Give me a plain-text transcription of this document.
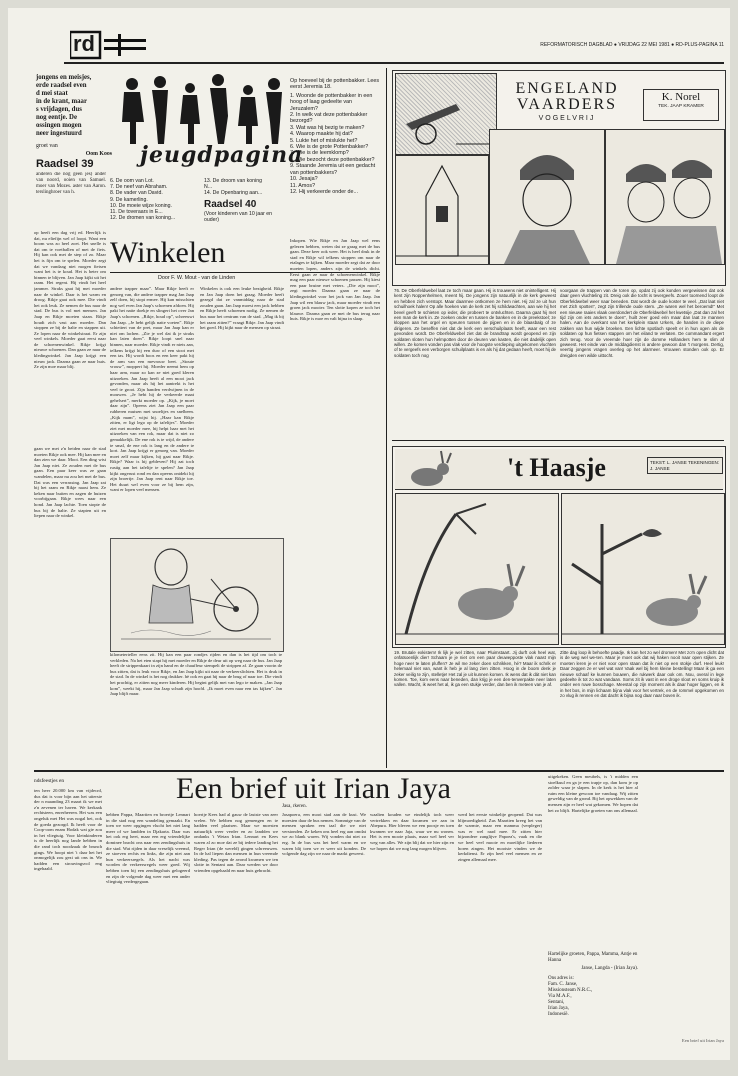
rd	REFORMATORISCH DAGBLAD ● VRIJDAG 22 MEI 1981 ● RD-PLUS-PAGINA 11
jongens en meisjes,
erde raadsel even
d mei staat
in de krant, maar
s vrijdagen, dus
nog eentje. De
ossingen mogen
neer ingestuurd
groet van
Oom Koos
Raadsel 39
anderen die nog geen jes) ander van noord, ooien van Samuel. moer van Mozes. aster van Aaron. terslinghroer van h.
jeugdpagina
6. De oom van Lot.
7. De neef van Abraham.
8. De vader van David.
9. De kamerling.
10. De moeie wijze koning.
11. De toveraars in E...
12. De dromen van koning...
13. De droom van koning
N...
14. De Openbaring aan...
Raadsel 40
(Voor kinderen van 10 jaar en ouder)
Op hoeveel bij de pottenbakker. Lees eerst Jeremia 18.
1. Woonde de pottenbakker in een hoog of laag gedeelte van Jeruzalem?
2. In welk vat deze pottenbakker bezorgd?
3. Wat was hij bezig te maken?
4. Waarop maakte hij dat?
5. Lukte het of mislukte het?
6. Wie is de grote Pottenbakker?
7. Wie is de leemklomp?
8. Wie bezocht deze pottenbakker?
9. Staande Jeremia uit een gedacht van pottenbakkers?
10. Jesaja?
11. Amos?
12. Hij verkeerde onder de...
op heeft een dag vrij ed. Heerlijk is dat, nu eliefijn wel of loopt. Want een boom was zo heel zoet. Het snelle is dat om te voetballen of met de fiets. Hij kan ook met de step of zo. Maar het is fijn om te spelen. Moeder zegt dat we vandaag niet mogen fietsen want het is te koud. Het is beter om binnen te blijven. Jan Jaap kijkt uit het raam. Het regent. Hij vindt het heel jammer. Straks gaat hij met moeder naar de winkel. Daar is het warm en droog. Rikje gaat ook mee. Die vindt het ook leuk. Ze nemen de bus naar de stad. De bus is vol met mensen. Jan Jaap en Rikje moeten staan. Rikje houdt zich vast aan moeder. Dan stoppen ze bij de halte en stappen uit. Ze lopen naar de winkelstraat. Er zijn veel winkels. Moeder gaat eerst naar de schoenenwinkel. Rikje krijgt nieuwe schoenen. Dan gaan ze naar de kledingwinkel. Jan Jaap krijgt een nieuw jack. Daarna gaan ze naar huis. Ze zijn moe maar blij.
gaan we met z'n beiden naar de stad moeten Rikje ook mee. Hij kan mee en dan zien we daar. Mooi. Een ding wist Jan Jaap niet. Ze zouden met de bus gaan. Een paar keer was ze gaan wandelen, maar nu zou het met de bus. Dat was een verrassing. Jan Jaap zat bij het raam en Rikje naast hem. Ze keken naar buiten en zagen de huizen voorbijgaan. Rikje wees naar een hond. Jan Jaap lachte. Toen stopte de bus bij de halte. Ze stapten uit en liepen naar de winkel.
Winkelen
Door F. W. Mout - van de Linden
andere trapper maar”. Maar Rikje heeft er genoeg van, die andere trapper mag Jan Jaap zelf doen, hij stopt ermee. Hij kan misschien nog wel even Jan Jaap's schoenen afdoen. Hij pakt het natte doekje en slingert het over Jan Jaap's schoenen. „Rikje, houd op”, schreeuwt Jan Jaap. „Je hebt gelijk natte voeten”. Rikje schiettert van de pret, maar Jan Jaap kan er niet om lachen. „Zie je wel dat ik je straks kan laten doen”. Rikje loopt snel naar binnen, naar moeder. Rikje vindt er niets aan, telkens krijgt hij een duw of een stoot met een tas. Hij wordt boos en een keer pakt hij de arm van een mevrouw beet. „Stoute vrouw”, moppert hij. Moeder neemt hem op haar arm, maar zo kan ze niet goed kleren uitzoeken. Jan Jaap heeft al een mooi jack gevonden, maar als hij het aantrekt is het veel te groot. Zijn handen verdwijnen in de mouwen. „Je hebt hij de verkeerde maat gehelsert”, merkt moeder op. „Kijk, je moet daar zijn”. Opeens ziet Jan Jaap een paar rubberen mutsen met snoeltjes en snelbeen. „Kijk mam”, wijst hij. „Haar kan Rikje zitten, er ligt lego op de tafeltjes”. Moeder ziet met moeder mee, hij helpt haar met het uitzoeken van een rok, maar dat is niet zo gemakkelijk. De ene rok is te wijd, de andere te smal, de ene rok is lang en de andere te kort. Jan Jaap krijgt er genoeg van. Moeder moet zelf maar kijken, hij gaat naar Rikje. Rikje? Waar is hij gebleven? Hij zat toch rustig aan het tafeltje te spelen? Jan Jaap kijkt ongerust rond en dan opeens ontdekt hij zijn broertje. Jan Jaap rent naar Rikje toe. Het duurt wel even voor ze bij hem zijn, want er lopen veel mensen.
Winkelen is ook een leuke bezigheid. Rikje en Jan Jaap doen het graag. Moeder heeft gezegd dat ze vanmiddag naar de stad zouden gaan. Jan Jaap moest een jack hebben en Rikje heeft schoenen nodig. Ze nemen de bus naar het centrum van de stad. „Mag ik bij het raam zitten?” vraagt Rikje. Jan Jaap vindt het goed. Hij kijkt naar de mensen op straat.
Inkopen. Wie Rikje en Jan Jaap wel eens gelezen hebben, weten dat ze graag met de bus gaan. Deze keer ook weer. Het is heel druk in de stad en Rikje wil telkens stoppen om naar de etalages te kijken. Maar moeder zegt dat ze door moeten lopen, anders zijn de winkels dicht. Eerst gaan ze naar de schoenenwinkel. Rikje mag een paar nieuwe schoenen passen. Hij kiest een paar bruine met veters. „Die zijn mooi”, zegt moeder. Daarna gaan ze naar de kledingwinkel voor het jack van Jan Jaap. Jan Jaap wil een blauw jack, maar moeder vindt een groen jack mooier. Ten slotte kopen ze toch het blauwe. Daarna gaan ze met de bus terug naar huis. Rikje is moe en valt bijna in slaap.
kilometerteller eens zit. Hij kan een paar rondjes rijden en dan is het tijd om toch te verkleden. Na het eten stapt hij met moeder en Rikje de deur uit op weg naar de bus. Jan Jaap heeft de strippenkaart in zijn hand en de chauffeur stempelt de strippen af. Ze gaan voorin de bus zitten, dat is leuk voor Rikje, en Jan Jaap kijkt uit naar de verkeerslichten. Het is druk in de stad. In de winkel is het nog drukker. hè ook en gaat hij naar de brug of naar toe. Die vindt het prachtig, er zitten nog meer kinderen. Hij begint gelijk met van lego te maken. „Jan Jaap kom”, weekt hij, maar Jan Jaap schudt zijn hoofd. „Ik moet even naar een tas kijken”. Jan Jaap blijft maar.
ENGELAND
VAARDERS
VOGELVRIJ
K. Norel
TEK. JAAP KRAMER
76. De Oberfeldwebel laat ze toch maar gaan. Hij is trouwens niet onintelligent. Hij kent zijn Noppenhelmen, meent hij. De jongens zijn natuurlijk in de kerk geweest en hebben zich verstopt. Maar daarmee ontkomen ze hem niet. Hij zal ze uit hun schuilhoek halen! Op alle hoeken van de kerk zet hij schildwachten, aan wie hij het bevel geeft te schieten op ieder, die probeert te ontvluchten. Daarna gaat hij met een man de kerk in. Ze zoeken onder en tussen de banken en in de preekstoel; ze kloppen aan het orgel en speuren tussen de pijpen en in de blaasbalg of ze dirigeren. Ze beseffen niet dat de kerk een verschuilplaats heeft, waar een rest gevonden wordt. De Oberfeldwebel ziet dat de brandtrap wordt geopend en zijn soldaten sloten hun helmpotten door de deuren van kasten, die niet dadelijk open willen. Ze komen vonden pas vlak voor de hoogste verdieping uitgekomen vluchten of te vergeefs een verborgen schuilplaats is en als hij dat gedaan heeft, moet hij de soldaten toch nog
voorgaan de trappen van de toren op, opdat zij ook konden vergewissen dat ook daar geen vluchteling zit. Dreig ook die tocht is tevergeefs. Zouer toornend loopt de Oberfeldwebel weer naar beneden. Dat wordt de oude koster te veel. „Dat laat niet met Zich spotten”, zegt zijn trillende oude stem. „Ze waren wel het beroemd!” Met een nieuwe raaies vlaak overdondert de Oberfeldwebel het kwetsije „Dat dan zal het tijd zijn om iets anders te doen”, huilt zeer goed erin maar dan laat ze mannen halen. Aan de overkant van het kerkplein staan Urkers, de handen in de diepe zakken van hun wijde broeken. Een lichte spotlach speelt er in hun ogen als de soldaten op hun fietsen stappen om het eiland te verlaten. De commandant ergert zich terug. Voor de vreemde hoer zijn de domme Hollanders hem te slim af geweest. Het einde van de middagdienst is andere gewoon dan 't morgens. Dertig, veertig jongens vragen overleg op het alarmeer. Vrouwen stonden ook op. Er dreigden een wilde uittocht.
't Haasje	TEKST: L. JANSE TEKENINGEN: J. JANSE
19. Brutale exkistem! Ik lijk je wel zitten, naar Pluimstaart. Jij durft ook heel wat, onfatsoenlijk dier! Schaam je je niet om een paar deuwepposte vlak naast mijn hoge neer te laten pluffen? Je wil me zeker doen schrikken, hé? Maar ik schrik er helemaal niet van, want ik heb je al lang zien zitten. Hoog in de boom denk je zeker veilig te zijn, stelletje! Het zal je uit kunnen komen. Ik wens dat ik dát niet kan komen. Toe, kom eens naar beneden, dan krijg je een den-tenverpakte neer laten vallen. Wacht, ik weet het al, ik ga een stukje verder, dan ben ik meteen van je af.
Zitte dag loop ik behoefte paadje. Ik kan het zo wel dromen! Met zo'n open dicht dat is de weg wel we-ten. Maar je moet ook dat wij haken nooit naar open stijken. Ze moeten leren je er niet voor open staan dat ik niet op een stokje durf. Heel leuk! Daar zeggen ze er wel wat van! Vaak wel bij hem kleine bestelling! Maar ik ga een nieuwe schaaf ke kunnen bouwen, die rukwerk daar ook om. Nou, overal in lege gedeelte ik tot zo wat vandaan. Soms zit ik vast in een droge sloot en soms kruip ik onder een ruwe bosschage. Meestal op zijn moment als ik daar hoger liggen, en ik in het bos, in mijn lichaam bijna vlak voor het vertrek, en de rommel opgekomen en zo vlug ik rennen en dat dacht ik bijna nog daar naar boven ik.
ndsfeestjes en	Een brief uit Irian Jaya
ten heer 20.000 km van vijdecrd, dus dat is voor bijn aan het uiterste der n maanding 23 maart ik we met z'n zevenen ter haven. We kerkaak rechtsteen, enrerheeren. Het was een ongeluk met Het was nogal bei, ook de goeda gezorgd. Ik heeft voor de Coop-oom enam Hodak wat gie zou in het vliegtuig. Voor kleinkinderen is de heerlijk nog lande hebben in die rand toch noodzaak de brunch gings. We hoopt niet 't daar het het onmogelijk zou gezi uit ons in. We hadden een strouvingsvol eng ingehaald.
hebben Pappa, Maartien en broertje Lennart in die stad nog een wandeling gemaakt. En toen we weer opgingen vlucht het niet lang meer of we landden in Djakarta. Daar was het ook erg heet, maar een erg vriendelijke dominee bracht ons naar een zendingshuis in die stad. Wat rijden in daar vreselijk vreemd, ze stoeven rechts en links, die zijn niet aan hun verkeersregels. Als het nacht was worden de verkeersregels weer goed. Wij hebben toen bij een zendingshuis gelogeerd en zijn de volgende dag weer met een ander vliegtuig verdergegaan.
hoertje Kees had al gauw de lastste van zeer vrelen. We hebben nog gemengen en te hadden veel plaatsen. Maar we moesten natuurlijk weer verder en zo landden we ondanks 't Wetan Irian. Lennart en Kees waren al zo moe dat ze bij iedere landing het Reger Irian (de wereld) gingen schreeuwen. In de hal liepen dan mensen in hun vreemde kleding. Pas tegen de avond kwamen we ten slotte in Sentani aan. Daar werden we door vrienden opgehaald en naar huis gebracht.
Jasapoera, een mooi stad aan de kust. We moesten daar de bus nemen. Sommige van de mensen spraken een taal die we niet verstonden. Ze keken ons heel erg aan omdat we zo blank waren. Wij vonden dat niet zo erg. In de bus was het heel warm en we waren blij toen we er weer uit konden. De volgende dag zijn we naar de markt geweest.
waalten kouden we eindelijk toch weer vertrekken en daar kwamen we aan in Abepura. Hier bleven we een poosje en toen kwamen we naar Jaja, waar we nu wonen. Het is een mooie plaats, maar wel heel ver weg van alles. We zijn blij dat we hier zijn en we hopen dat we nog lang mogen blijven.
werd het eerste winkeltje geopend. Dat was blijmoedigheid. Zus Maartien kreeg het van de warmte, maar een mamma (verpleger) was er wel raad mee. Er zitten hier bijzondere zanglijve Papoea's, vaak en die we heel veel mooie en moeilijke liederen horen zingen. Het mooiste vinden we de kerkdienst. Er zijn heel veel mensen en ze zingen allemaal mee.
uitgekeken. Geen meubels, is 't midden een stoelkuul en ga je een trapje op, dan kom je op zolder waar je slapen. In de kerk is het hier al ruim een kleine gewoon toe vandaag. Wij zitten geweldig van de grond. Bij het opwekken van de mensen zijn er heel wat gekomen. We hopen dat het zo blijft. Hartelijke groeten van ons allemaal.
Hartelijke groeten, Pappa, Mamma, Antje en Hanna
Janse, Langda - (Irian Jaya).
Ons adres is:
Fam. C. Janse,
Missionsteam N.R.C.,
Via M.A.F.,
Sentani,
Irian Jaya,
Indonesië.
Jasa, rkeren.
Een brief uit Irian Jaya
